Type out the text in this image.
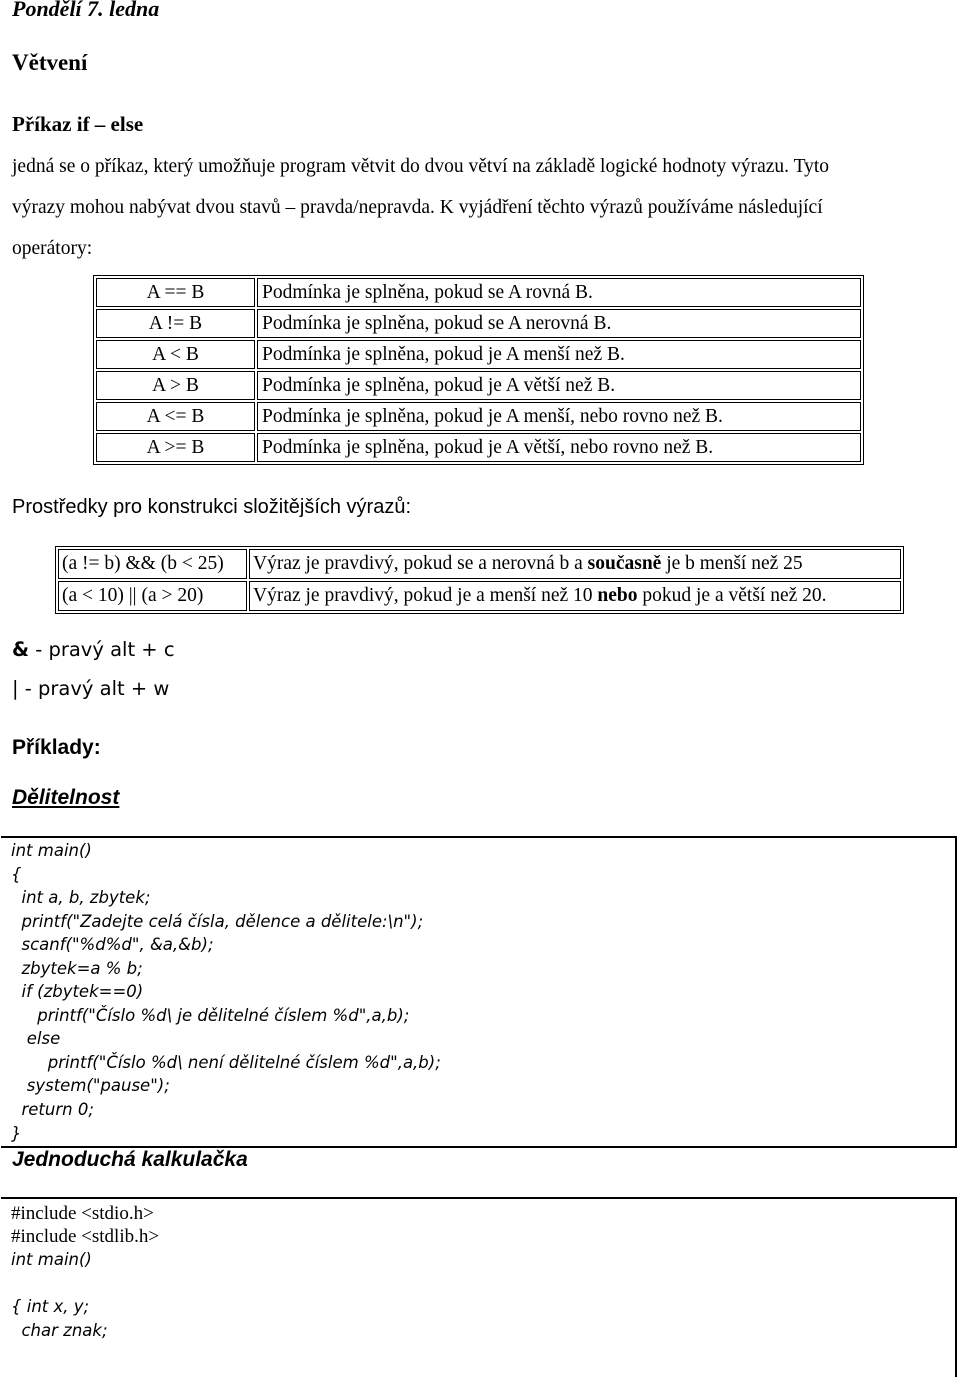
Pondělí 7. ledna
Větvení
Příkaz if – else

jedná se o příkaz, který umožňuje program větvit do dvou větví na základě logické hodnoty výrazu. Tyto

výrazy mohou nabývat dvou stavů – pravda/nepravda. K vyjádření těchto výrazů používáme následující

operátory:

A == B	Podmínka je splněna, pokud se A rovná B.
A != B	Podmínka je splněna, pokud se A nerovná B.
A < B	Podmínka je splněna, pokud je A menší než B.
A > B	Podmínka je splněna, pokud je A větší než B.
A <= B	Podmínka je splněna, pokud je A menší, nebo rovno než B.
A >= B	Podmínka je splněna, pokud je A větší, nebo rovno než B.
Prostředky pro konstrukci složitějších výrazů:
(a != b) && (b < 25)	Výraz je pravdivý, pokud se a nerovná b a současně je b menší než 25
(a < 10) || (a > 20)	Výraz je pravdivý, pokud je a menší než 10 nebo pokud je a větší než 20.
& - pravý alt + c
| - pravý alt + w
Příklady:
Dělitelnost
int main()
{
int a, b, zbytek;
printf("Zadejte celá čísla, dělence a dělitele:\n");
scanf("%d%d", &a,&b);
zbytek=a % b;
if (zbytek==0)
printf("Číslo %d\ je dělitelné číslem %d",a,b);
else
printf("Číslo %d\ není dělitelné číslem %d",a,b);
system("pause");
return 0;
}
Jednoduchá kalkulačka
#include <stdio.h>
#include <stdlib.h>
int main()
{ int x, y;
char znak;
